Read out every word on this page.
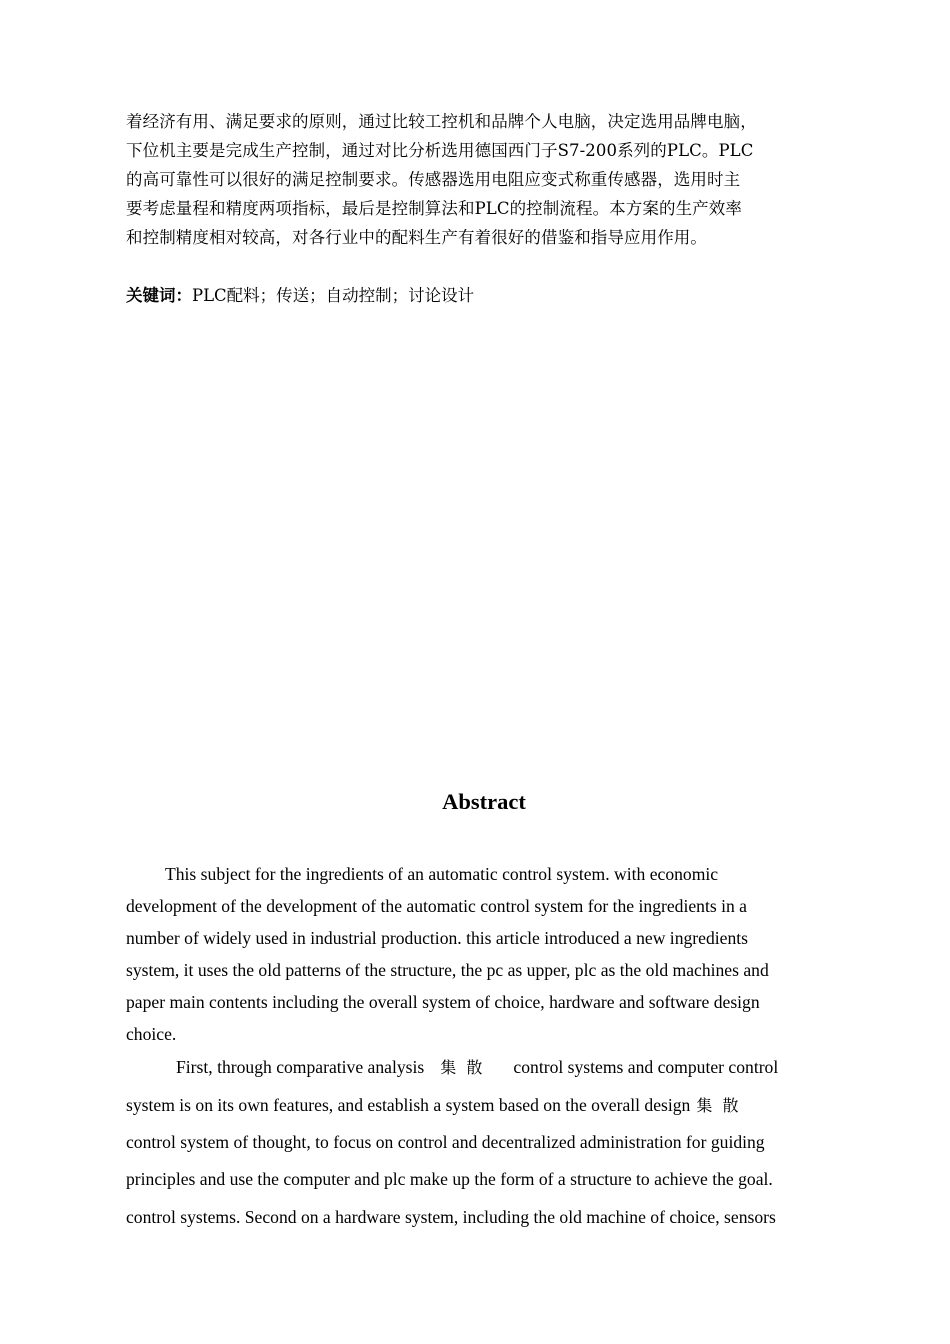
着经济有用、满足要求的原则，通过比较工控机和品牌个人电脑，决定选用品牌电脑，
下位机主要是完成生产控制，通过对比分析选用德国西门子S7-200系列的PLC。PLC
的高可靠性可以很好的满足控制要求。传感器选用电阻应变式称重传感器，选用时主
要考虑量程和精度两项指标，最后是控制算法和PLC的控制流程。本方案的生产效率
和控制精度相对较高，对各行业中的配料生产有着很好的借鉴和指导应用作用。
关键词：PLC配料；传送；自动控制；讨论设计
Abstract
This subject for the ingredients of an automatic control system. with economic
development of the development of the automatic control system for the ingredients in a
number of widely used in industrial production. this article introduced a new ingredients
system, it uses the old patterns of the structure, the pc as upper, plc as the old machines and
paper main contents including the overall system of choice, hardware and software design
choice.
First, through comparative analysis 集  散 control systems and computer control
system is on its own features, and establish a system based on the overall design 集  散
control system of thought, to focus on control and decentralized administration for guiding
principles and use the computer and plc make up the form of a structure to achieve the goal.
control systems. Second on a hardware system, including the old machine of choice, sensors
